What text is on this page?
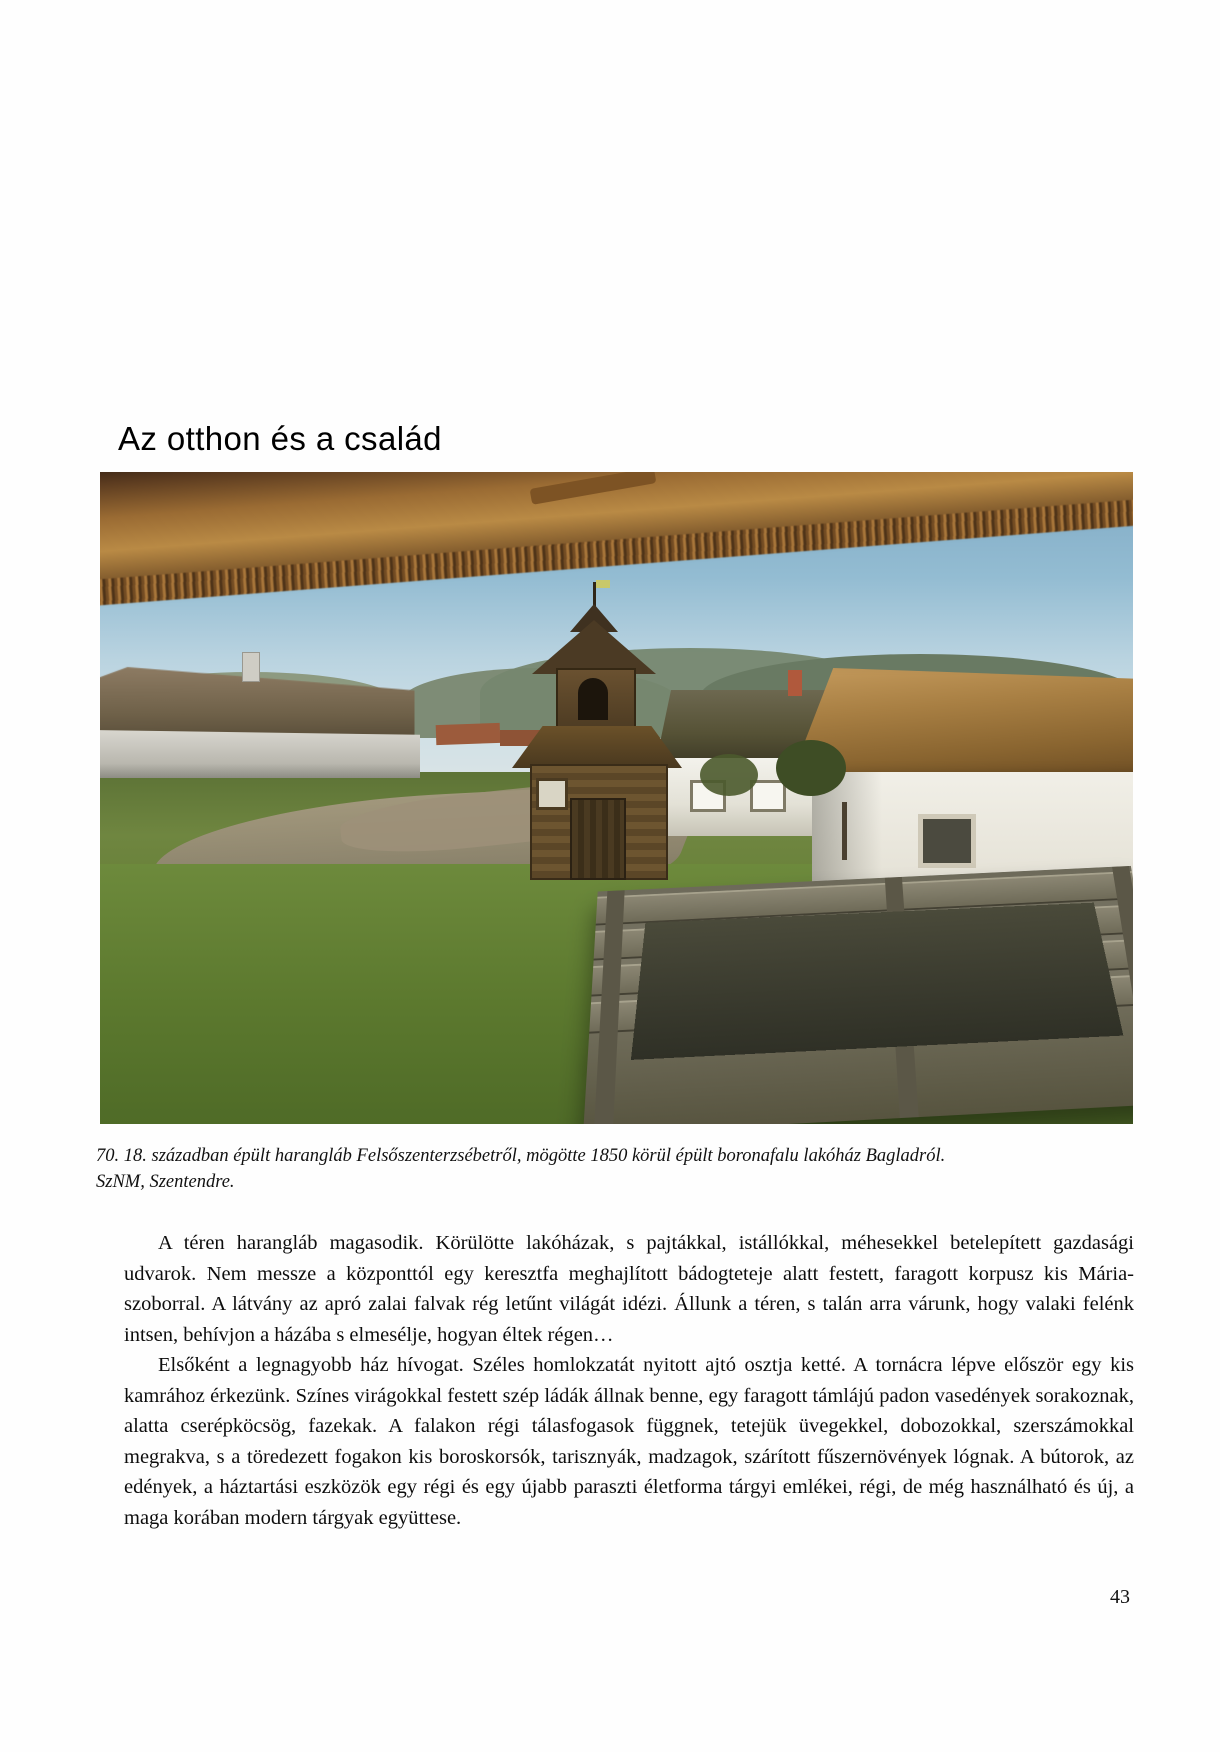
Az otthon és a család
70. 18. században épült harangláb Felsőszenterzsébetről, mögötte 1850 körül épült boronafalu lakóház Bagladról.
SzNM, Szentendre.

A téren harangláb magasodik. Körülötte lakóházak, s pajtákkal, istállókkal, méhesekkel betelepített gazdasági udvarok. Nem messze a központtól egy keresztfa meghajlított bádogteteje alatt festett, faragott korpusz kis Mária-szoborral. A látvány az apró zalai falvak rég letűnt világát idézi. Állunk a téren, s talán arra várunk, hogy valaki felénk intsen, behívjon a házába s elmesélje, hogyan éltek régen…

Elsőként a legnagyobb ház hívogat. Széles homlokzatát nyitott ajtó osztja ketté. A tornácra lépve először egy kis kamrához érkezünk. Színes virágokkal festett szép ládák állnak benne, egy faragott támlájú padon vasedények sorakoznak, alatta cserépköcsög, fazekak. A falakon régi tálasfogasok függnek, tetejük üvegekkel, dobozokkal, szerszámokkal megrakva, s a töredezett fogakon kis boroskorsók, tarisznyák, madzagok, szárított fűszernövények lógnak. A bútorok, az edények, a háztartási eszközök egy régi és egy újabb paraszti életforma tárgyi emlékei, régi, de még használható és új, a maga korában modern tárgyak együttese.

43
